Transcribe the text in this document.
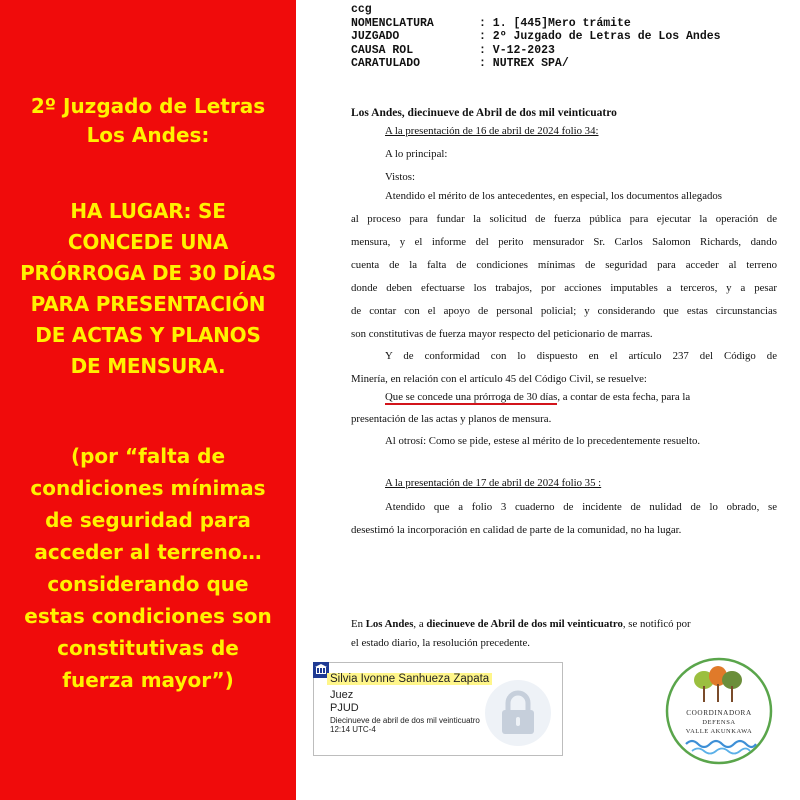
2º Juzgado de Letras
Los Andes:
HA LUGAR: SE
CONCEDE UNA
PRÓRROGA DE 30 DÍAS
PARA PRESENTACIÓN
DE ACTAS Y PLANOS
DE MENSURA.
(por “falta de
condiciones mínimas
de seguridad para
acceder al terreno…
considerando que
estas condiciones son
constitutivas de
fuerza mayor”)
ccg
NOMENCLATURA	: 1. [445]Mero trámite
JUZGADO	: 2º Juzgado de Letras de Los Andes
CAUSA ROL	: V-12-2023
CARATULADO	: NUTREX SPA/
Los Andes, diecinueve de Abril de dos mil veinticuatro
A la presentación de 16 de abril de 2024 folio 34:
A lo principal:
Vistos:
Atendido el mérito de los antecedentes, en especial, los documentos allegados
al proceso para fundar la solicitud de fuerza pública para ejecutar la operación de
mensura, y el informe del perito mensurador Sr. Carlos Salomon Richards, dando
cuenta de la falta de condiciones mínimas de seguridad para acceder al terreno
donde deben efectuarse los trabajos, por acciones imputables a terceros, y a pesar
de contar con el apoyo de personal policial; y considerando que estas circunstancias
son constitutivas de fuerza mayor respecto del peticionario de marras.
Y de conformidad con lo dispuesto en el artículo 237 del Código de
Minería, en relación con el artículo 45 del Código Civil, se resuelve:
Que se concede una prórroga de 30 días, a contar de esta fecha, para la
presentación de las actas y planos de mensura.
Al otrosí: Como se pide, estese al mérito de lo precedentemente resuelto.
A la presentación de 17 de abril de 2024 folio 35 :
Atendido que a folio 3 cuaderno de incidente de nulidad de lo obrado, se
desestimó la incorporación en calidad de parte de la comunidad, no ha lugar.
En Los Andes, a diecinueve de Abril de dos mil veinticuatro, se notificó por
el estado diario, la resolución precedente.
Silvia Ivonne Sanhueza Zapata
Juez
PJUD
Diecinueve de abril de dos mil veinticuatro
12:14 UTC-4
COORDINADORA
DEFENSA
VALLE AKUNKAWA
